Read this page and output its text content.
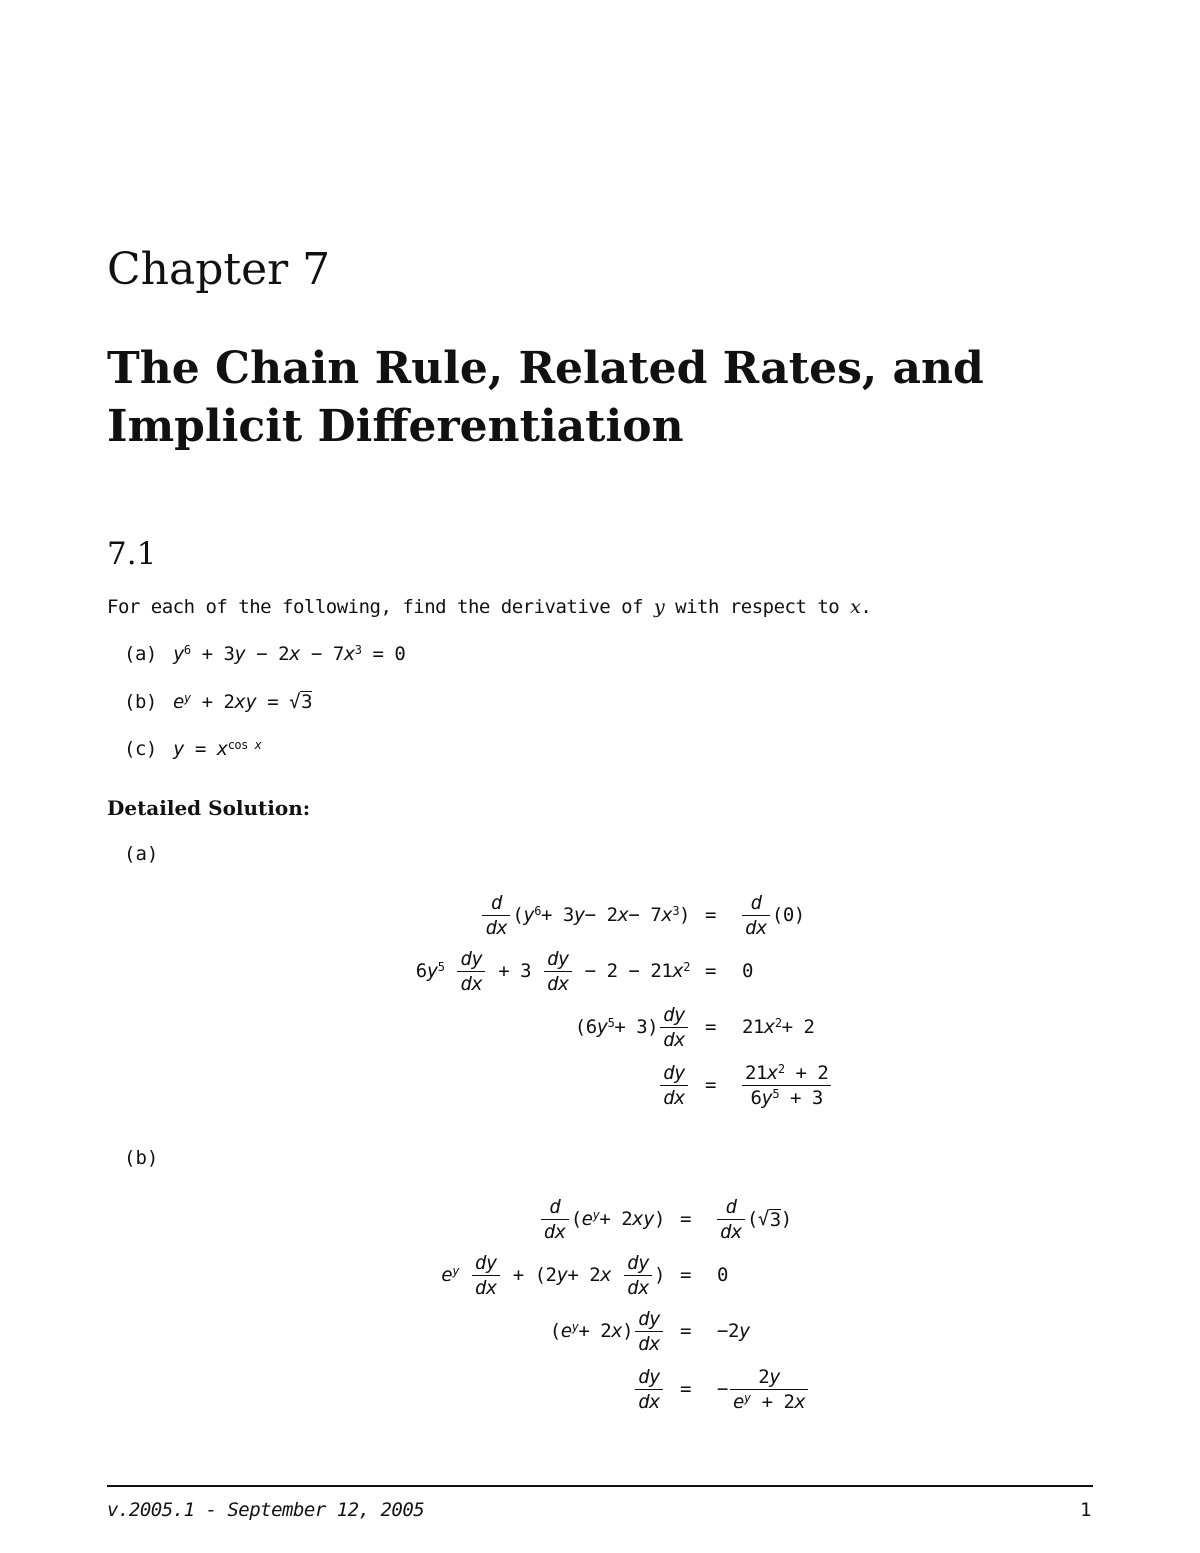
Chapter 7
The Chain Rule, Related Rates, and
Implicit Differentiation
7.1
For each of the following, find the derivative of y with respect to x.
(a) $y^6 + 3y - 2x - 7x^3 = 0$
(b) $e^y + 2xy = √3$
(c) $y = x^{cos x}$
Detailed Solution:
(a)
$\frac{d}{dx}$ ( $y^6 + 3$ y − 2 x − 7 $x^3$ ) = $\frac{d}{dx} (0)$
6 $y^5$
$\frac{dy}{dx} + 3 \frac{dy}{dx} - 2 - 21$ $x^2 = 0$
(6 $y^5 + 3) \frac{dy}{dx} = 21$ $x^2 + 2$
$\frac{dy}{dx} = \frac{21x^2 + 2}{6y^5 + 3}$
(b)
$\frac{d}{dx}$ ( e $^y$ + 2 xy ) = $\frac{d}{dx}$ (√ 3 )
e $^y$
$\frac{dy}{dx} + (2$ y + 2 x
$\frac{dy}{dx}$ ) = 0
( e $^y$ + 2 x ) $\frac{dy}{dx} = -2$ y
$\frac{dy}{dx}$ = − $\frac{2y}{e^y + 2x}$
v.2005.1 - September 12, 2005	1
